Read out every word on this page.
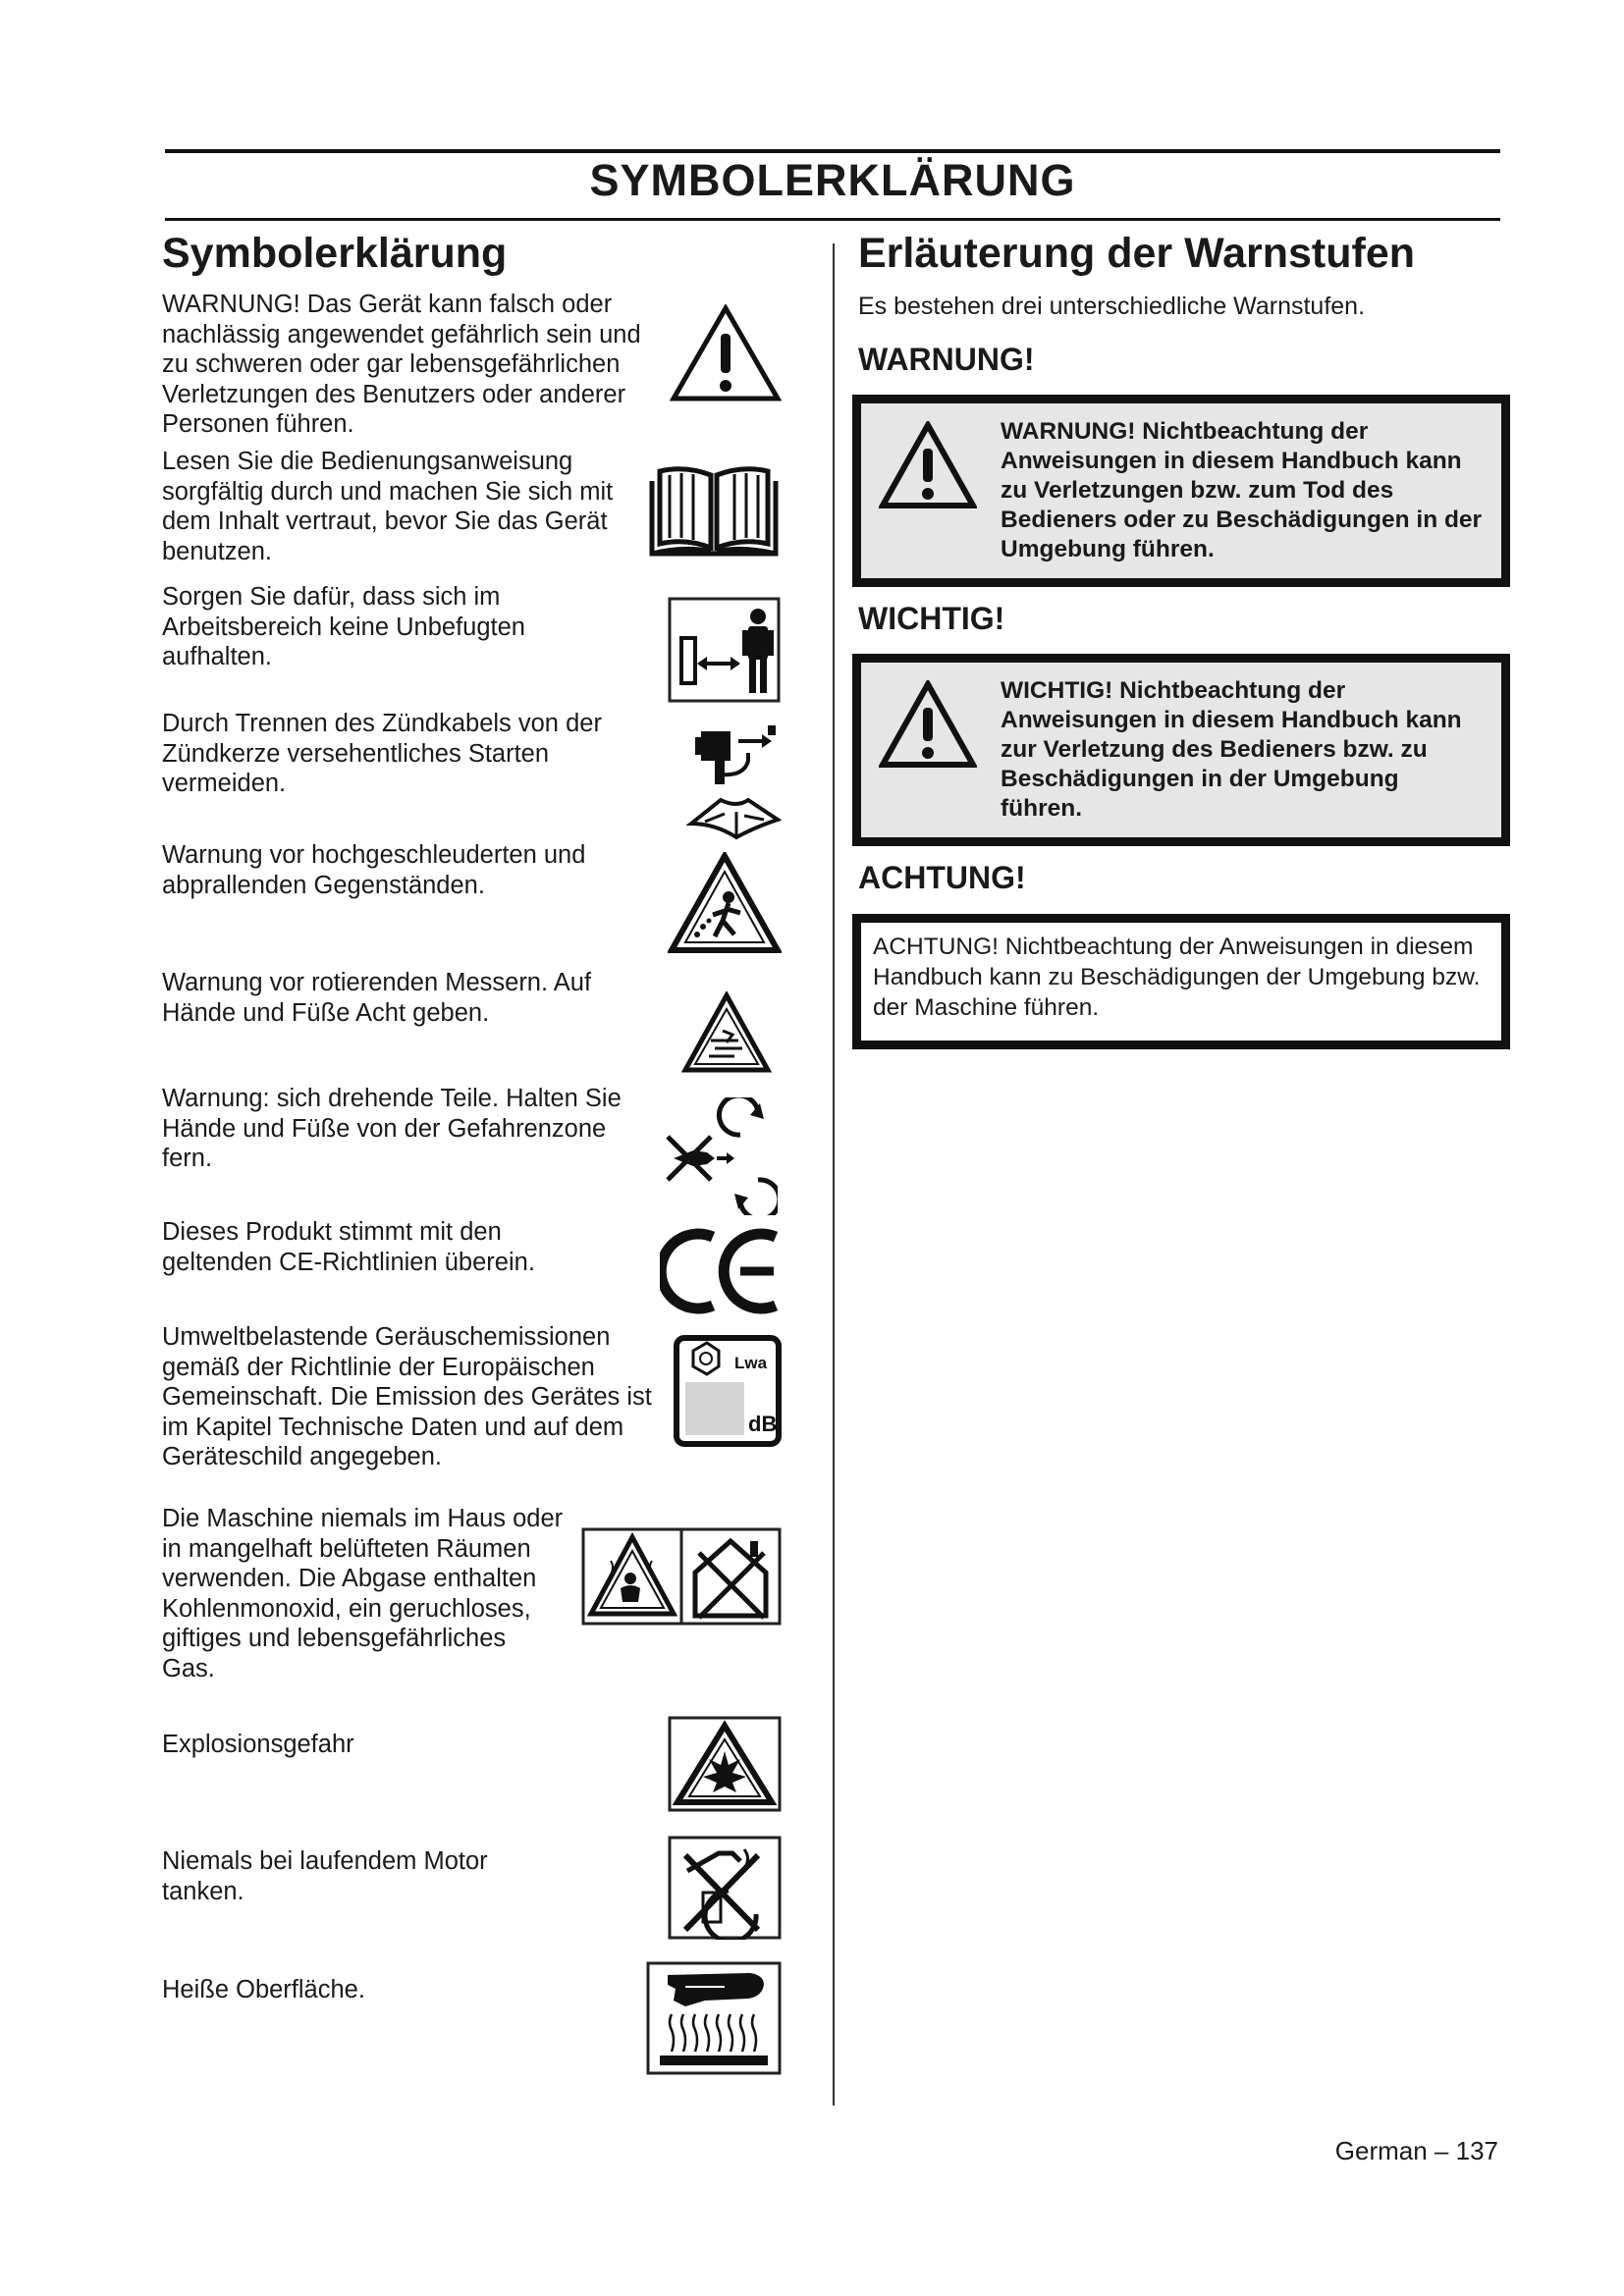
SYMBOLERKLÄRUNG
Symbolerklärung
WARNUNG! Das Gerät kann falsch oder nachlässig angewendet gefährlich sein und zu schweren oder gar lebensgefährlichen Verletzungen des Benutzers oder anderer Personen führen.
Lesen Sie die Bedienungsanweisung sorgfältig durch und machen Sie sich mit dem Inhalt vertraut, bevor Sie das Gerät benutzen.
Sorgen Sie dafür, dass sich im Arbeitsbereich keine Unbefugten aufhalten.
Durch Trennen des Zündkabels von der Zündkerze versehentliches Starten vermeiden.
Warnung vor hochgeschleuderten und abprallenden Gegenständen.
Warnung vor rotierenden Messern. Auf Hände und Füße Acht geben.
Warnung: sich drehende Teile. Halten Sie Hände und Füße von der Gefahrenzone fern.
Dieses Produkt stimmt mit den geltenden CE-Richtlinien überein.
Umweltbelastende Geräuschemissionen gemäß der Richtlinie der Europäischen Gemeinschaft. Die Emission des Gerätes ist im Kapitel Technische Daten und auf dem Geräteschild angegeben.
Lwa
dB
Die Maschine niemals im Haus oder in mangelhaft belüfteten Räumen verwenden. Die Abgase enthalten Kohlenmonoxid, ein geruchloses, giftiges und lebensgefährliches Gas.
Explosionsgefahr
Niemals bei laufendem Motor tanken.
Heiße Oberfläche.
Erläuterung der Warnstufen
Es bestehen drei unterschiedliche Warnstufen.
WARNUNG!
WARNUNG! Nichtbeachtung der Anweisungen in diesem Handbuch kann zu Verletzungen bzw. zum Tod des Bedieners oder zu Beschädigungen in der Umgebung führen.
WICHTIG!
WICHTIG! Nichtbeachtung der Anweisungen in diesem Handbuch kann zur Verletzung des Bedieners bzw. zu Beschädigungen in der Umgebung führen.
ACHTUNG!
ACHTUNG! Nichtbeachtung der Anweisungen in diesem Handbuch kann zu Beschädigungen der Umgebung bzw. der Maschine führen.
German – 137
